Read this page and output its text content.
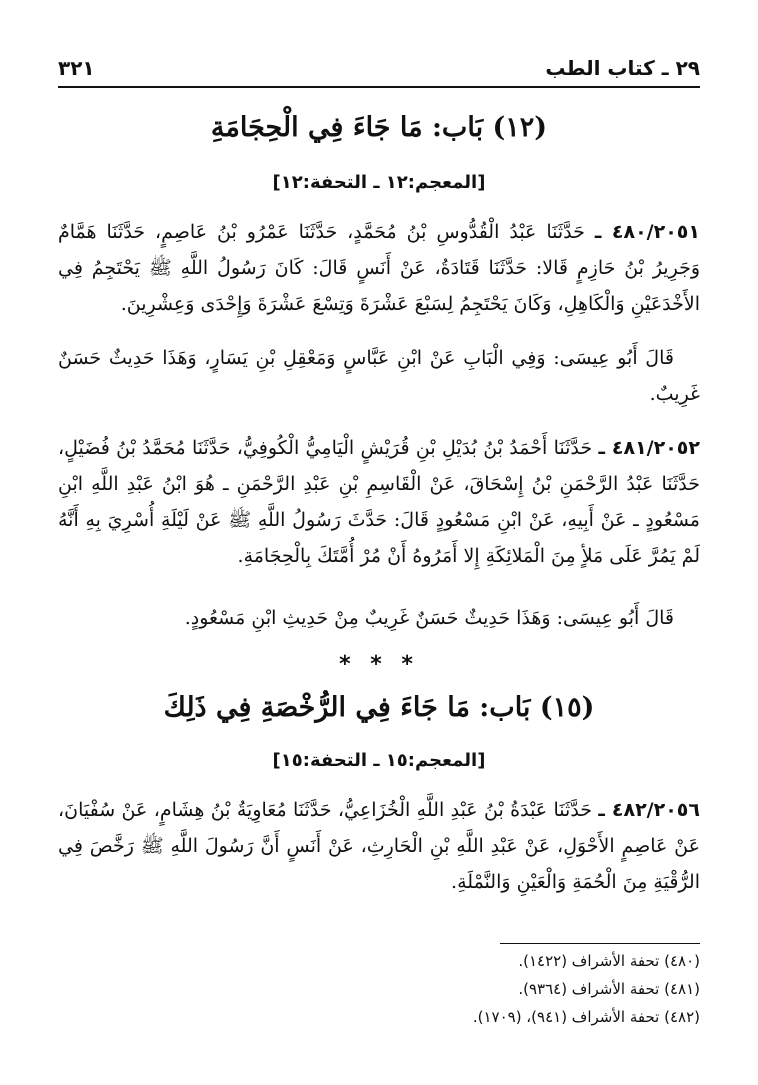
٢٩ ـ كتاب الطب
٣٢١
(١٢) بَاب: مَا جَاءَ فِي الْحِجَامَةِ
[المعجم:١٢ ـ التحفة:١٢]
٤٨٠/٢٠٥١ ـ حَدَّثَنَا عَبْدُ الْقُدُّوسِ بْنُ مُحَمَّدٍ، حَدَّثَنَا عَمْرُو بْنُ عَاصِمٍ، حَدَّثَنَا هَمَّامٌ وَجَرِيرُ بْنُ حَازِمٍ قَالا: حَدَّثَنَا قَتَادَةُ، عَنْ أَنَسٍ قَالَ: كَانَ رَسُولُ اللَّهِ ﷺ يَحْتَجِمُ فِي الأَخْدَعَيْنِ وَالْكَاهِلِ، وَكَانَ يَحْتَجِمُ لِسَبْعَ عَشْرَةَ وَتِسْعَ عَشْرَةَ وَإِحْدَى وَعِشْرِينَ.
قَالَ أَبُو عِيسَى: وَفِي الْبَابِ عَنْ ابْنِ عَبَّاسٍ وَمَعْقِلِ بْنِ يَسَارٍ، وَهَذَا حَدِيثٌ حَسَنٌ غَرِيبٌ.
٤٨١/٢٠٥٢ ـ حَدَّثَنَا أَحْمَدُ بْنُ بُدَيْلِ بْنِ قُرَيْشٍ الْيَامِيُّ الْكُوفِيُّ، حَدَّثَنَا مُحَمَّدُ بْنُ فُضَيْلٍ، حَدَّثَنَا عَبْدُ الرَّحْمَنِ بْنُ إِسْحَاقَ، عَنْ الْقَاسِمِ بْنِ عَبْدِ الرَّحْمَنِ ـ هُوَ ابْنُ عَبْدِ اللَّهِ ابْنِ مَسْعُودٍ ـ عَنْ أَبِيهِ، عَنْ ابْنِ مَسْعُودٍ قَالَ: حَدَّثَ رَسُولُ اللَّهِ ﷺ عَنْ لَيْلَةِ أُسْرِيَ بِهِ أَنَّهُ لَمْ يَمُرَّ عَلَى مَلأٍ مِنَ الْمَلائِكَةِ إِلا أَمَرُوهُ أَنْ مُرْ أُمَّتَكَ بِالْحِجَامَةِ.
قَالَ أَبُو عِيسَى: وَهَذَا حَدِيثٌ حَسَنٌ غَرِيبٌ مِنْ حَدِيثِ ابْنِ مَسْعُودٍ.
* * *
(١٥) بَاب: مَا جَاءَ فِي الرُّخْصَةِ فِي ذَلِكَ
[المعجم:١٥ ـ التحفة:١٥]
٤٨٢/٢٠٥٦ ـ حَدَّثَنَا عَبْدَةُ بْنُ عَبْدِ اللَّهِ الْخُزَاعِيُّ، حَدَّثَنَا مُعَاوِيَةُ بْنُ هِشَامٍ، عَنْ سُفْيَانَ، عَنْ عَاصِمٍ الأَحْوَلِ، عَنْ عَبْدِ اللَّهِ بْنِ الْحَارِثِ، عَنْ أَنَسٍ أَنَّ رَسُولَ اللَّهِ ﷺ رَخَّصَ فِي الرُّقْيَةِ مِنَ الْحُمَةِ وَالْعَيْنِ وَالنَّمْلَةِ.
(٤٨٠) تحفة الأشراف (١٤٢٢).
(٤٨١) تحفة الأشراف (٩٣٦٤).
(٤٨٢) تحفة الأشراف (٩٤١)، (١٧٠٩).
